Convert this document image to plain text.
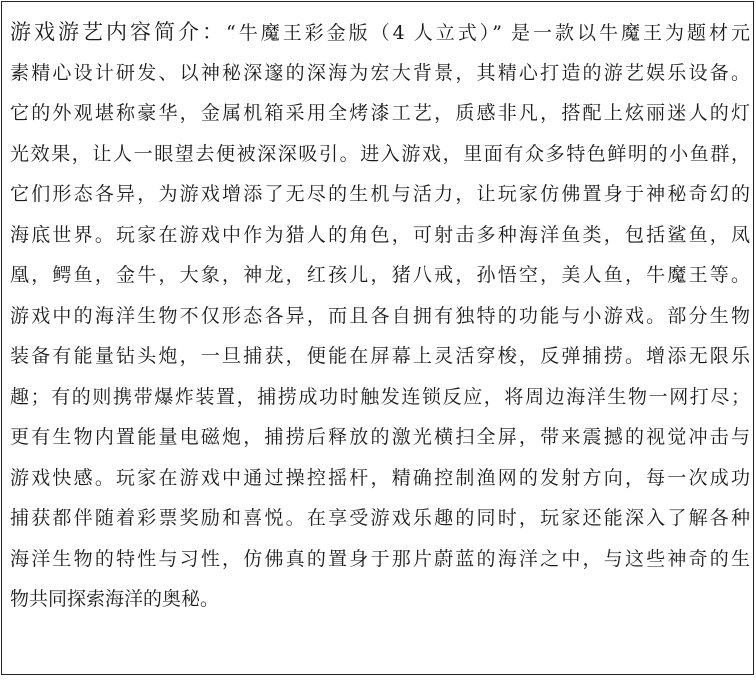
游戏游艺内容简介：“牛魔王彩金版（4 人立式）” 是一款以牛魔王为题材元
素精心设计研发、以神秘深邃的深海为宏大背景，其精心打造的游艺娱乐设备。
它的外观堪称豪华，金属机箱采用全烤漆工艺，质感非凡，搭配上炫丽迷人的灯
光效果，让人一眼望去便被深深吸引。进入游戏，里面有众多特色鲜明的小鱼群，
它们形态各异，为游戏增添了无尽的生机与活力，让玩家仿佛置身于神秘奇幻的
海底世界。玩家在游戏中作为猎人的角色，可射击多种海洋鱼类，包括鲨鱼，凤
凰，鳄鱼，金牛，大象，神龙，红孩儿，猪八戒，孙悟空，美人鱼，牛魔王等。
游戏中的海洋生物不仅形态各异，而且各自拥有独特的功能与小游戏。部分生物
装备有能量钻头炮，一旦捕获，便能在屏幕上灵活穿梭，反弹捕捞。增添无限乐
趣；有的则携带爆炸装置，捕捞成功时触发连锁反应，将周边海洋生物一网打尽；
更有生物内置能量电磁炮，捕捞后释放的激光横扫全屏，带来震撼的视觉冲击与
游戏快感。玩家在游戏中通过操控摇杆，精确控制渔网的发射方向，每一次成功
捕获都伴随着彩票奖励和喜悦。在享受游戏乐趣的同时，玩家还能深入了解各种
海洋生物的特性与习性，仿佛真的置身于那片蔚蓝的海洋之中，与这些神奇的生
物共同探索海洋的奥秘。
